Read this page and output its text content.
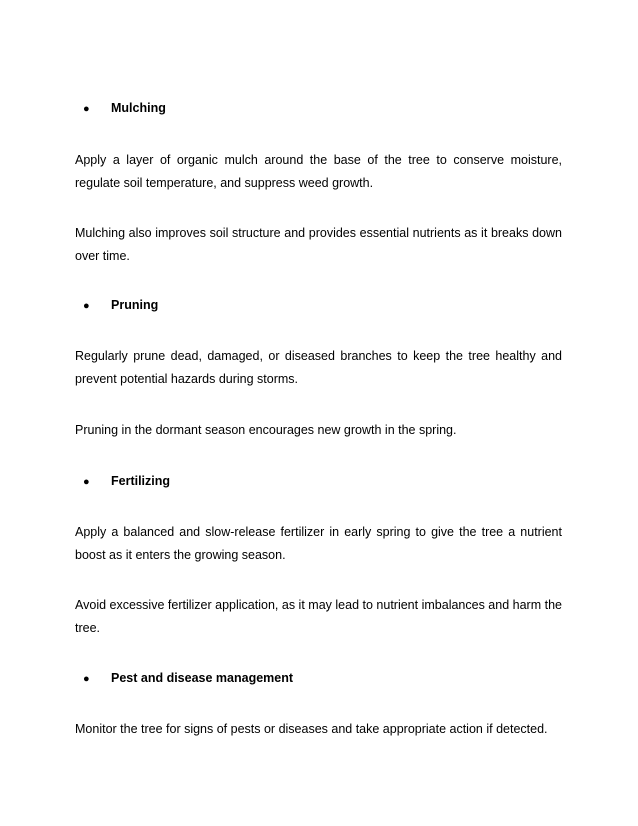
● Mulching

Apply a layer of organic mulch around the base of the tree to conserve moisture, regulate soil temperature, and suppress weed growth.

Mulching also improves soil structure and provides essential nutrients as it breaks down over time.

● Pruning

Regularly prune dead, damaged, or diseased branches to keep the tree healthy and prevent potential hazards during storms.

Pruning in the dormant season encourages new growth in the spring.

● Fertilizing

Apply a balanced and slow-release fertilizer in early spring to give the tree a nutrient boost as it enters the growing season.

Avoid excessive fertilizer application, as it may lead to nutrient imbalances and harm the tree.

● Pest and disease management

Monitor the tree for signs of pests or diseases and take appropriate action if detected.
